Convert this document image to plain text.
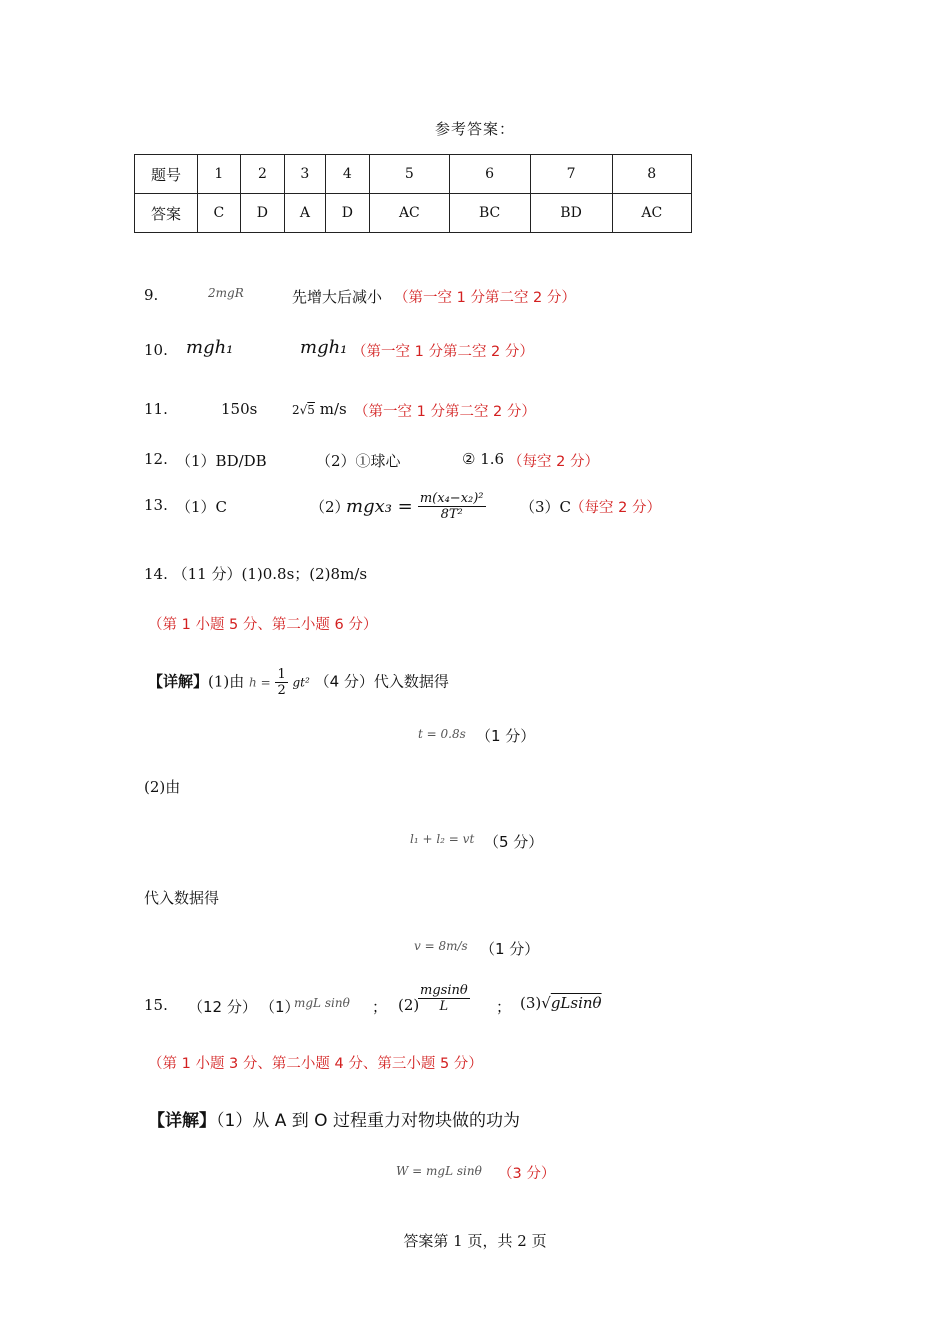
参考答案：
题号	1	2	3	4	5	6	7	8
答案	C	D	A	D	AC	BC	BD	AC
9.	2mgR	先增大后减小 （第一空 1 分第二空 2 分）
10. mgh₁	mgh₁ （第一空 1 分第二空 2 分）
11.	150s	2√5 m/s （第一空 1 分第二空 2 分）
12. （1）BD/DB	（2）①球心	② 1.6 （每空 2 分）
13. （1）C	（2）
$mgx_3 = \frac{\text{m(x₄−x₂)²}}{\text{8T²}} (3)C$
（每空 2 分）
14. （11 分）(1)0.8s；(2)8m/s
（第 1 小题 5 分、第二小题 6 分）
【详解】(1)由 $h = \frac{1}{2} gt^2$ （4 分）代入数据得
t = 0.8s （1 分）
(2)由
l₁ + l₂ = vt （5 分）
代入数据得
v = 8m/s （1 分）
15. （12 分） （1）
mgL sinθ ； (2)
$\frac{mgsin\theta}{L}$ ； (3)√gLsinθ
（第 1 小题 3 分、第二小题 4 分、第三小题 5 分）
【详解】（1）从 A 到 O 过程重力对物块做的功为
W = mgL sinθ （3 分）
答案第 1 页，共 2 页
